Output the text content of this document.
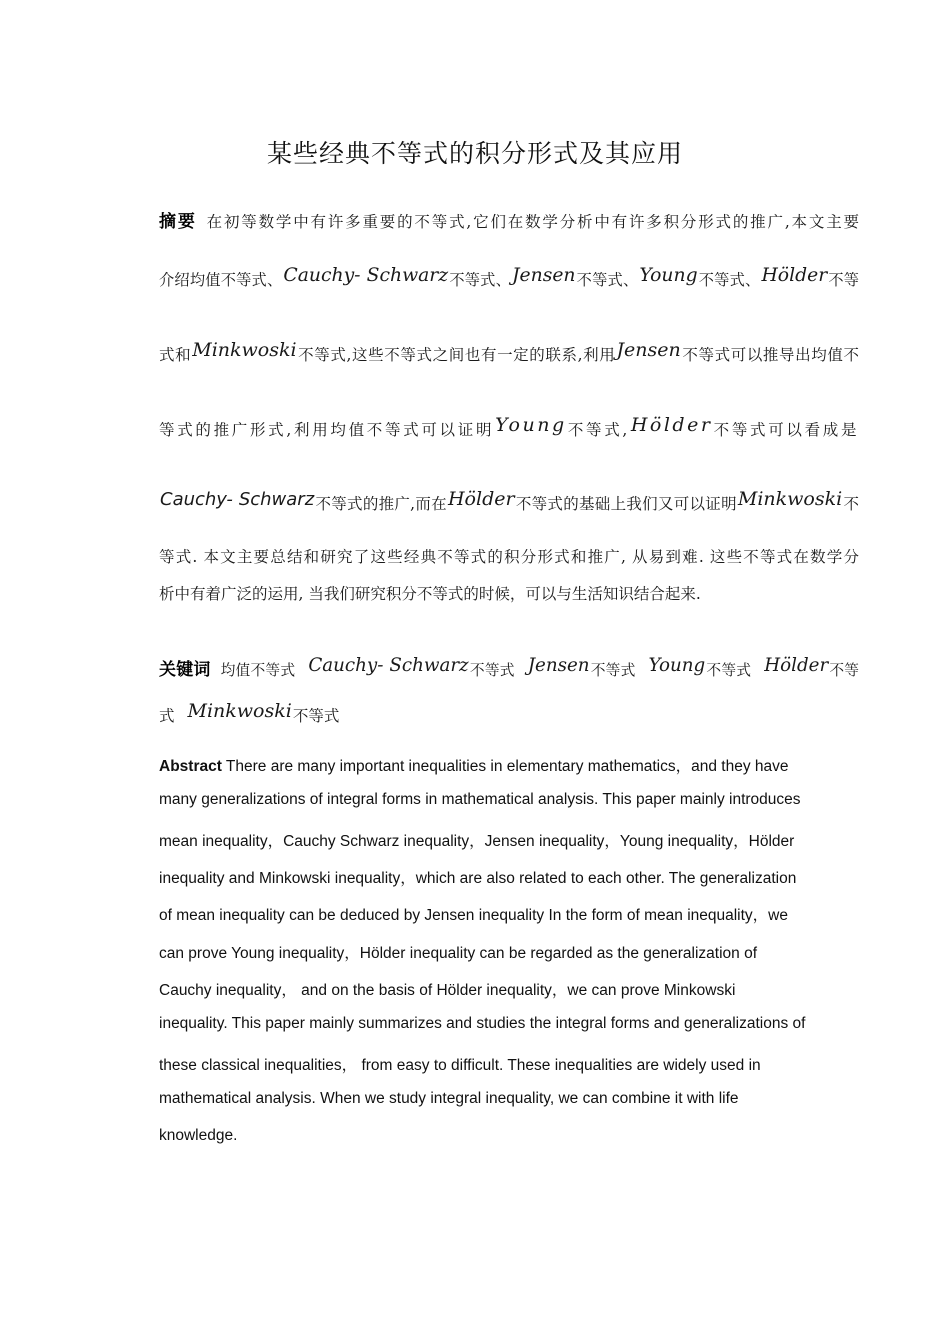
某些经典不等式的积分形式及其应用
摘要 在初等数学中有许多重要的不等式,它们在数学分析中有许多积分形式的推广,本文主要
介绍均值不等式、Cauchy- Schwarz不等式、Jensen不等式、Young不等式、Hölder不等
式和Minkwoski不等式,这些不等式之间也有一定的联系,利用Jensen不等式可以推导出均值不
等式的推广形式,利用均值不等式可以证明Young不等式,Hölder不等式可以看成是
Cauchy- Schwarz不等式的推广,而在Hölder不等式的基础上我们又可以证明Minkwoski不
等式. 本文主要总结和研究了这些经典不等式的积分形式和推广, 从易到难. 这些不等式在数学分
析中有着广泛的运用, 当我们研究积分不等式的时候，可以与生活知识结合起来.
关键词 均值不等式 Cauchy- Schwarz不等式 Jensen不等式 Young不等式 Hölder不等
式 Minkwoski不等式
Abstract There are many important inequalities in elementary mathematics，and they have
many generalizations of integral forms in mathematical analysis. This paper mainly introduces
mean inequality，Cauchy Schwarz inequality，Jensen inequality，Young inequality，Hölder
inequality and Minkowski inequality，which are also related to each other. The generalization
of mean inequality can be deduced by Jensen inequality In the form of mean inequality，we
can prove Young inequality，Hölder inequality can be regarded as the generalization of
Cauchy inequality， and on the basis of Hölder inequality，we can prove Minkowski
inequality. This paper mainly summarizes and studies the integral forms and generalizations of
these classical inequalities， from easy to difficult. These inequalities are widely used in
mathematical analysis. When we study integral inequality, we can combine it with life
knowledge.
